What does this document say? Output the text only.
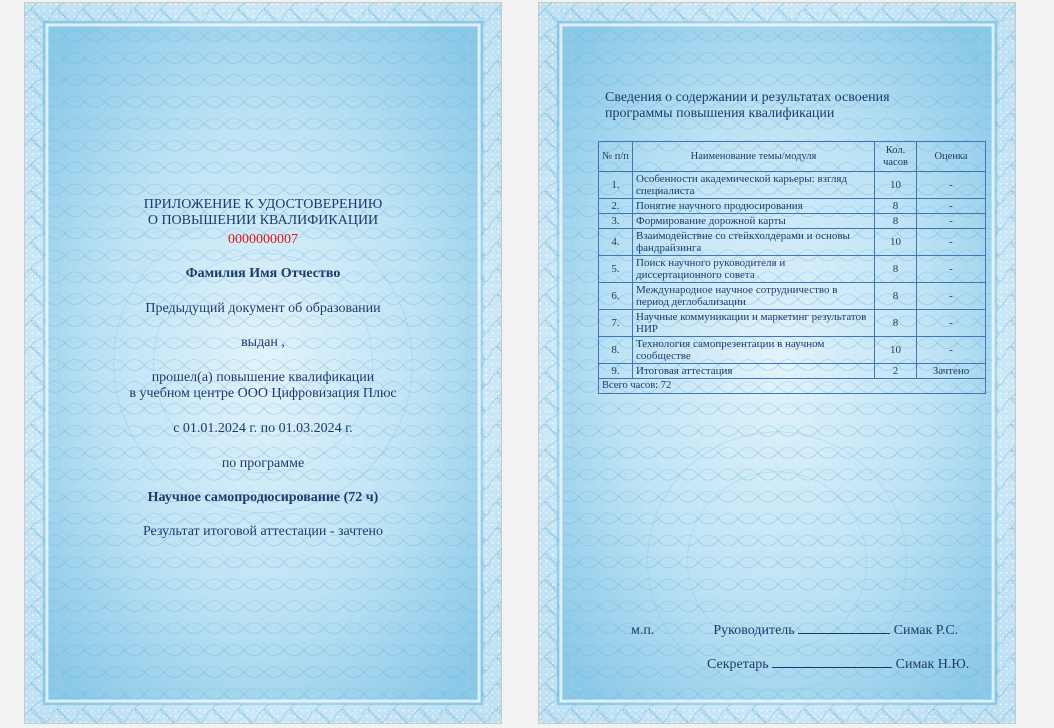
ПРИЛОЖЕНИЕ К УДОСТОВЕРЕНИЮ
О ПОВЫШЕНИИ КВАЛИФИКАЦИИ
0000000007
Фамилия Имя Отчество
Предыдущий документ об образовании
выдан ,
прошел(а) повышение квалификации
в учебном центре ООО Цифровизация Плюс
с 01.01.2024 г. по 01.03.2024 г.
по программе
Научное самопродюсирование (72 ч)
Результат итоговой аттестации - зачтено
Сведения о содержании и результатах освоения
программы повышения квалификации
№ п/п	Наименование темы/модуля	Кол. часов	Оценка
1.	Особенности академической карьеры: взгляд специалиста	10	-
2.	Понятие научного продюсирования	8	-
3.	Формирование дорожной карты	8	-
4.	Взаимодействие со стейкхолдерами и основы фандрайзинга	10	-
5.	Поиск научного руководителя и диссертационного совета	8	-
6.	Международное научное сотрудничество в период деглобализации	8	-
7.	Научные коммуникации и маркетинг результатов НИР	8	-
8.	Технология самопрезентации в научном сообществе	10	-
9.	Итоговая аттестация	2	Зачтено
Всего часов: 72			
м.п.	Руководитель	Симак Р.С.
Секретарь	Симак Н.Ю.
